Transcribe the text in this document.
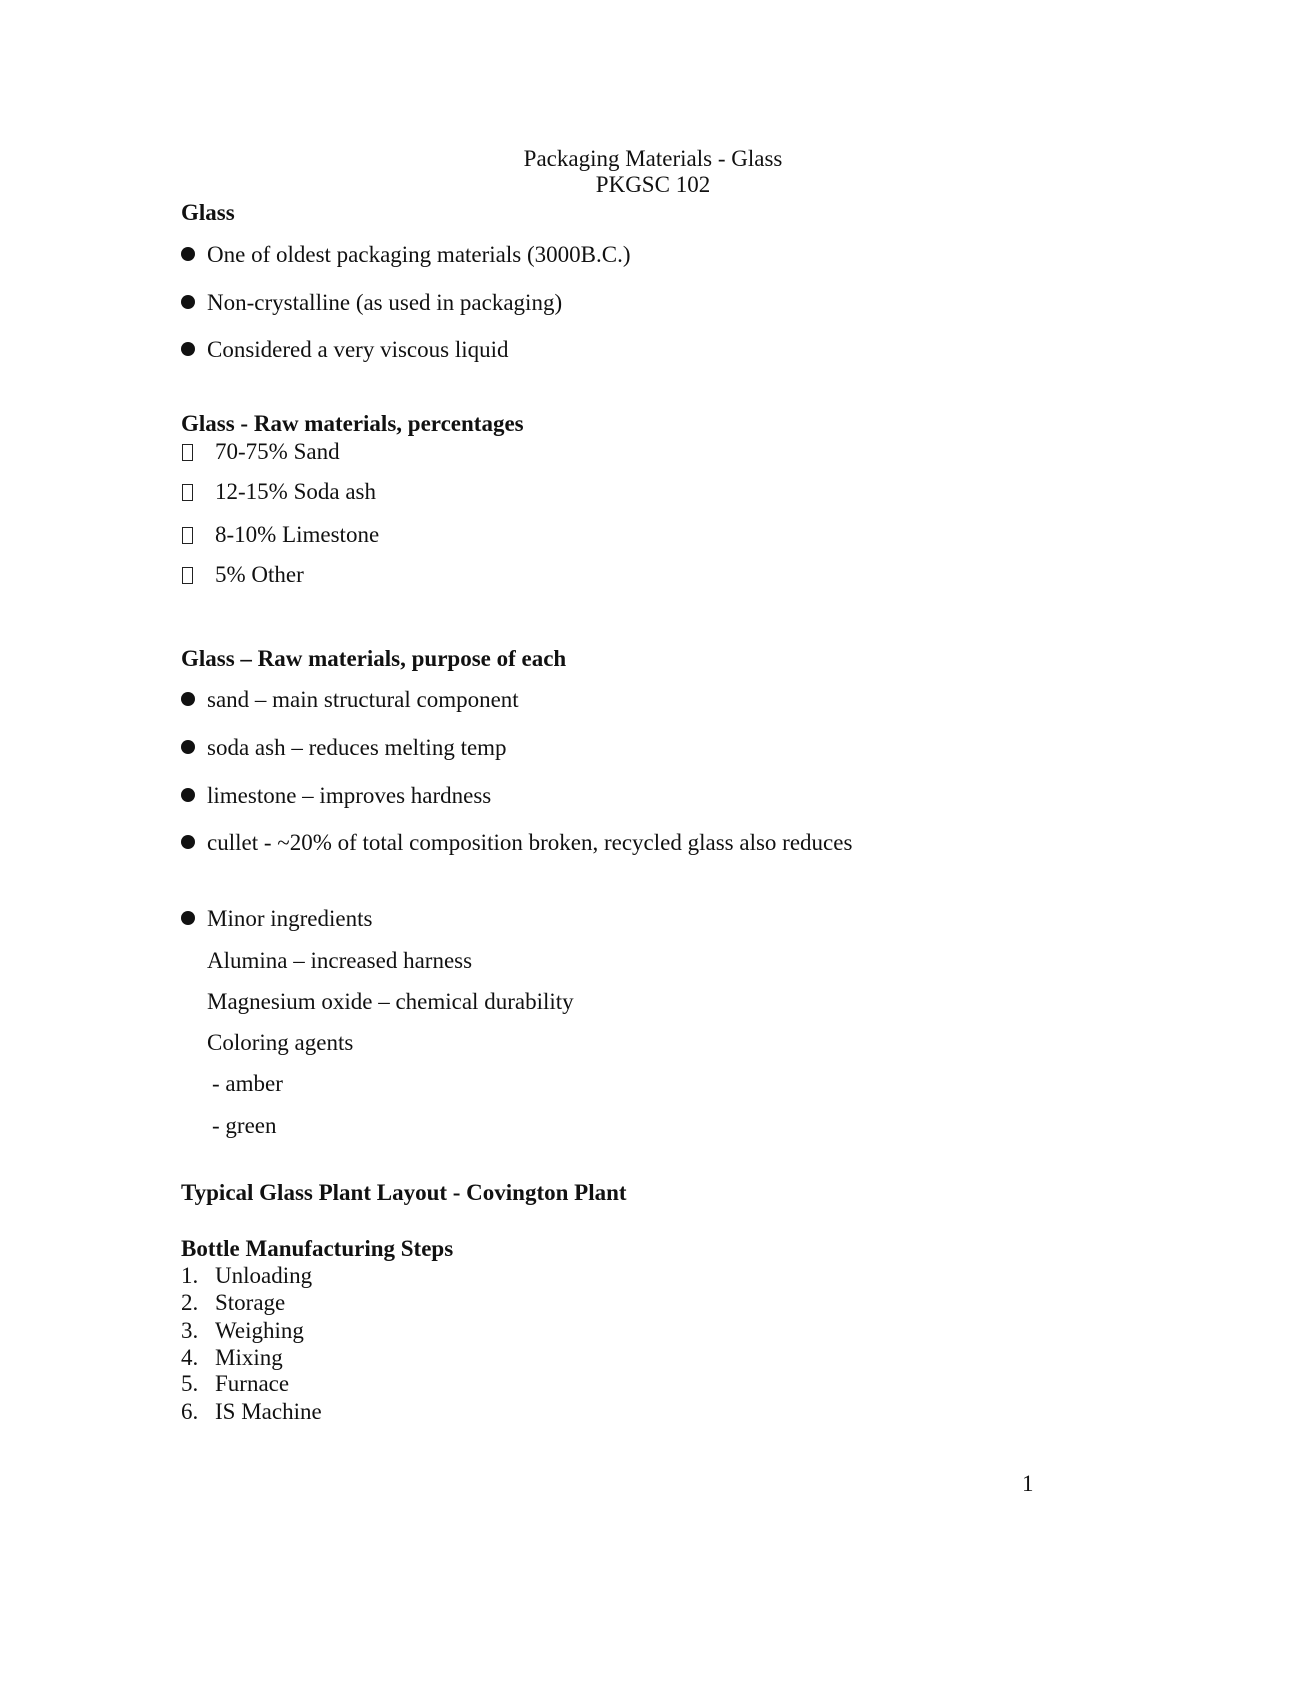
Packaging Materials - Glass
PKGSC 102
Glass
One of oldest packaging materials (3000B.C.)
Non-crystalline (as used in packaging)
Considered a very viscous liquid
Glass - Raw materials, percentages
70-75% Sand
12-15% Soda ash
8-10% Limestone
5% Other
Glass – Raw materials, purpose of each
sand – main structural component
soda ash – reduces melting temp
limestone – improves hardness
cullet - ~20% of total composition broken, recycled glass also reduces
Minor ingredients
Alumina – increased harness
Magnesium oxide – chemical durability
Coloring agents
- amber
- green
Typical Glass Plant Layout - Covington Plant
Bottle Manufacturing Steps
1. Unloading
2. Storage
3. Weighing
4. Mixing
5. Furnace
6. IS Machine
1
